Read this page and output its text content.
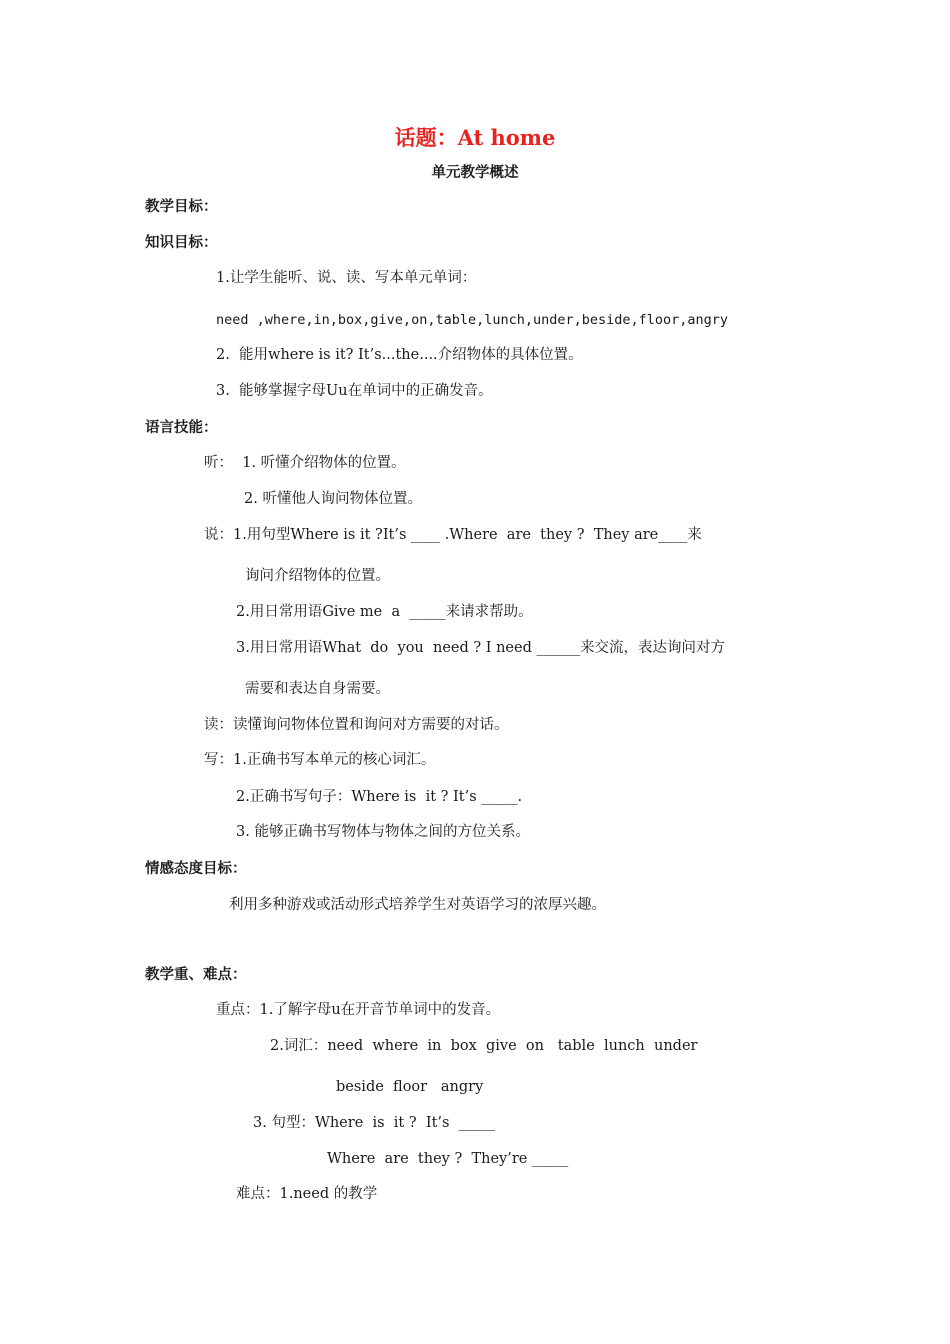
话题：At home
单元教学概述
教学目标：
知识目标：
1.让学生能听、说、读、写本单元单词：
need ,where,in,box,give,on,table,lunch,under,beside,floor,angry
2.  能用where is it? It’s...the....介绍物体的具体位置。
3.  能够掌握字母Uu在单词中的正确发音。
语言技能：
听：  1. 听懂介绍物体的位置。
2. 听懂他人询问物体位置。
说：1.用句型Where is it ?It’s ____ .Where  are  they ?  They are____来
询问介绍物体的位置。
2.用日常用语Give me  a  _____来请求帮助。
3.用日常用语What  do  you  need ? I need ______来交流，表达询问对方
需要和表达自身需要。
读：读懂询问物体位置和询问对方需要的对话。
写：1.正确书写本单元的核心词汇。
2.正确书写句子：Where is  it ? It’s _____.
3. 能够正确书写物体与物体之间的方位关系。
情感态度目标：
利用多种游戏或活动形式培养学生对英语学习的浓厚兴趣。
教学重、难点：
重点：1.了解字母u在开音节单词中的发音。
2.词汇：need  where  in  box  give  on   table  lunch  under
beside  floor   angry
3. 句型：Where  is  it ?  It’s  _____
Where  are  they ?  They’re _____
难点：1.need 的教学
